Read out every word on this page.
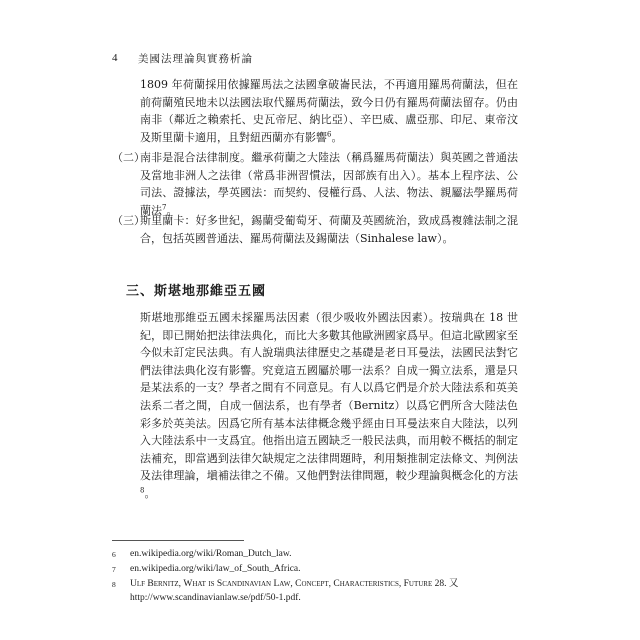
4	美國法理論與實務析論

1809 年荷蘭採用依據羅馬法之法國拿破崙民法，不再適用羅馬荷蘭法，但在前荷蘭殖民地未以法國法取代羅馬荷蘭法，致今日仍有羅馬荷蘭法留存。仍由南非（鄰近之賴索托、史瓦帝尼、納比亞）、辛巴威、盧亞那、印尼、東帝汶及斯里蘭卡適用，且對紐西蘭亦有影響$^6$。

（二）
南非是混合法律制度。繼承荷蘭之大陸法（稱爲羅馬荷蘭法）與英國之普通法及當地非洲人之法律（常爲非洲習慣法，因部族有出入）。基本上程序法、公司法、證據法，學英國法：而契約、侵權行爲、人法、物法、親屬法學羅馬荷蘭法$^7$。
（三）
斯里蘭卡：好多世紀，錫蘭受葡萄牙、荷蘭及英國統治，致成爲複雜法制之混合，包括英國普通法、羅馬荷蘭法及錫蘭法（Sinhalese law）。
三、斯堪地那維亞五國

斯堪地那維亞五國未採羅馬法因素（很少吸收外國法因素）。按瑞典在 18 世紀，即已開始把法律法典化，而比大多數其他歐洲國家爲早。但這北歐國家至今似未訂定民法典。有人說瑞典法律歷史之基礎是老日耳曼法，法國民法對它們法律法典化沒有影響。究竟這五國屬於哪一法系？自成一獨立法系，還是只是某法系的一支？學者之間有不同意見。有人以爲它們是介於大陸法系和英美法系二者之間，自成一個法系，也有學者（Bernitz）以爲它們所含大陸法色彩多於英美法。因爲它所有基本法律概念幾乎經由日耳曼法來自大陸法，以列入大陸法系中一支爲宜。他指出這五國缺乏一般民法典，而用較不概括的制定法補充，即當遇到法律欠缺規定之法律問題時，利用類推制定法條文、判例法及法律理論，塡補法律之不備。又他們對法律問題，較少理論與概念化的方法$^8$。

6	en.wikipedia.org/wiki/Roman_Dutch_law.
7	en.wikipedia.org/wiki/law_of_South_Africa.
8	Ulf Bernitz, What is Scandinavian Law, Concept, Characteristics, Future 28. 又 http://www.scandinavianlaw.se/pdf/50-1.pdf.
